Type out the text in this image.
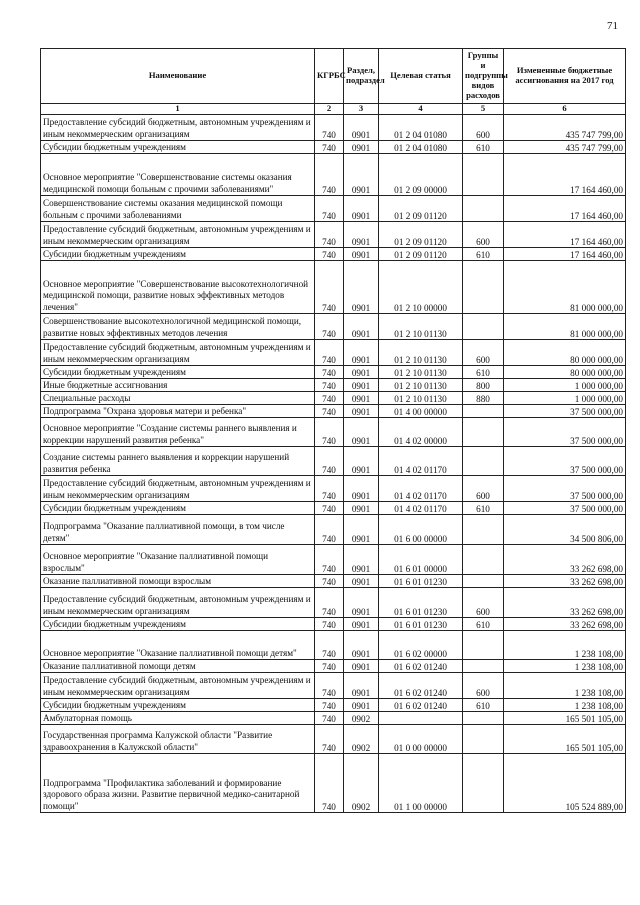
71
Наименование	КГРБС	Раздел, подраздел	Целевая статья	Группы и подгруппы видов расходов	Измененные бюджетные ассигнования на 2017 год
1	2	3	4	5	6
Предоставление субсидий бюджетным, автономным учреждениям и иным некоммерческим организациям	740	0901	01 2 04 01080	600	435 747 799,00
Субсидии бюджетным учреждениям	740	0901	01 2 04 01080	610	435 747 799,00
Основное мероприятие "Совершенствование системы оказания медицинской помощи больным с прочими заболеваниями"	740	0901	01 2 09 00000		17 164 460,00
Совершенствование системы оказания медицинской помощи больным с прочими заболеваниями	740	0901	01 2 09 01120		17 164 460,00
Предоставление субсидий бюджетным, автономным учреждениям и иным некоммерческим организациям	740	0901	01 2 09 01120	600	17 164 460,00
Субсидии бюджетным учреждениям	740	0901	01 2 09 01120	610	17 164 460,00
Основное мероприятие "Совершенствование высокотехнологичной медицинской помощи, развитие новых эффективных методов лечения"	740	0901	01 2 10 00000		81 000 000,00
Совершенствование высокотехнологичной медицинской помощи, развитие новых эффективных методов лечения	740	0901	01 2 10 01130		81 000 000,00
Предоставление субсидий бюджетным, автономным учреждениям и иным некоммерческим организациям	740	0901	01 2 10 01130	600	80 000 000,00
Субсидии бюджетным учреждениям	740	0901	01 2 10 01130	610	80 000 000,00
Иные бюджетные ассигнования	740	0901	01 2 10 01130	800	1 000 000,00
Специальные расходы	740	0901	01 2 10 01130	880	1 000 000,00
Подпрограмма "Охрана здоровья матери и ребенка"	740	0901	01 4 00 00000		37 500 000,00
Основное мероприятие "Создание системы раннего выявления и коррекции нарушений развития ребенка"	740	0901	01 4 02 00000		37 500 000,00
Создание системы раннего выявления и коррекции нарушений развития ребенка	740	0901	01 4 02 01170		37 500 000,00
Предоставление субсидий бюджетным, автономным учреждениям и иным некоммерческим организациям	740	0901	01 4 02 01170	600	37 500 000,00
Субсидии бюджетным учреждениям	740	0901	01 4 02 01170	610	37 500 000,00
Подпрограмма "Оказание паллиативной помощи, в том числе детям"	740	0901	01 6 00 00000		34 500 806,00
Основное мероприятие "Оказание паллиативной помощи взрослым"	740	0901	01 6 01 00000		33 262 698,00
Оказание паллиативной помощи взрослым	740	0901	01 6 01 01230		33 262 698,00
Предоставление субсидий бюджетным, автономным учреждениям и иным некоммерческим организациям	740	0901	01 6 01 01230	600	33 262 698,00
Субсидии бюджетным учреждениям	740	0901	01 6 01 01230	610	33 262 698,00
Основное мероприятие "Оказание паллиативной помощи детям"	740	0901	01 6 02 00000		1 238 108,00
Оказание паллиативной помощи детям	740	0901	01 6 02 01240		1 238 108,00
Предоставление субсидий бюджетным, автономным учреждениям и иным некоммерческим организациям	740	0901	01 6 02 01240	600	1 238 108,00
Субсидии бюджетным учреждениям	740	0901	01 6 02 01240	610	1 238 108,00
Амбулаторная помощь	740	0902			165 501 105,00
Государственная программа Калужской области "Развитие здравоохранения в Калужской области"	740	0902	01 0 00 00000		165 501 105,00
Подпрограмма "Профилактика заболеваний и формирование здорового образа жизни. Развитие первичной медико-санитарной помощи"	740	0902	01 1 00 00000		105 524 889,00
